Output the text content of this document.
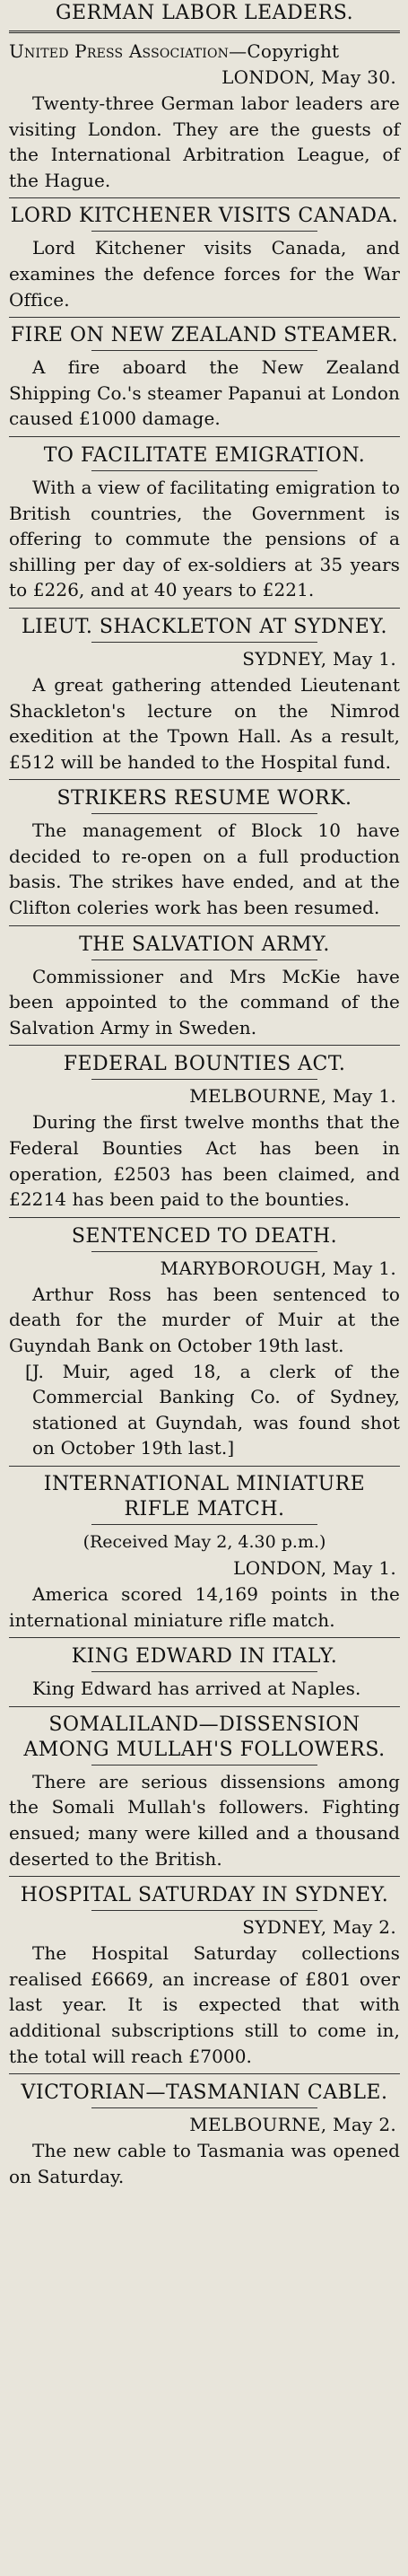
GERMAN LABOR LEADERS.

United Press Association—Copyright

LONDON, May 30.

Twenty-three German labor leaders are visiting London. They are the guests of the International Arbitration League, of the Hague.

LORD KITCHENER VISITS CANADA.

Lord Kitchener visits Canada, and examines the defence forces for the War Office.

FIRE ON NEW ZEALAND STEAMER.

A fire aboard the New Zealand Shipping Co.'s steamer Papanui at London caused £1000 damage.

TO FACILITATE EMIGRATION.

With a view of facilitating emigration to British countries, the Government is offering to commute the pensions of a shilling per day of ex-soldiers at 35 years to £226, and at 40 years to £221.

LIEUT. SHACKLETON AT SYDNEY.

SYDNEY, May 1.

A great gathering attended Lieutenant Shackleton's lecture on the Nimrod exedition at the Tpown Hall. As a result, £512 will be handed to the Hospital fund.

STRIKERS RESUME WORK.

The management of Block 10 have decided to re-open on a full production basis. The strikes have ended, and at the Clifton coleries work has been resumed.

THE SALVATION ARMY.

Commissioner and Mrs McKie have been appointed to the command of the Salvation Army in Sweden.

FEDERAL BOUNTIES ACT.

MELBOURNE, May 1.

During the first twelve months that the Federal Bounties Act has been in operation, £2503 has been claimed, and £2214 has been paid to the bounties.

SENTENCED TO DEATH.

MARYBOROUGH, May 1.

Arthur Ross has been sentenced to death for the murder of Muir at the Guyndah Bank on October 19th last.

[J. Muir, aged 18, a clerk of the Commercial Banking Co. of Sydney, stationed at Guyndah, was found shot on October 19th last.]

INTERNATIONAL MINIATURE RIFLE MATCH.

(Received May 2, 4.30 p.m.)

LONDON, May 1.

America scored 14,169 points in the international miniature rifle match.

KING EDWARD IN ITALY.

King Edward has arrived at Naples.

SOMALILAND—DISSENSION AMONG MULLAH'S FOLLOWERS.

There are serious dissensions among the Somali Mullah's followers. Fighting ensued; many were killed and a thousand deserted to the British.

HOSPITAL SATURDAY IN SYDNEY.

SYDNEY, May 2.

The Hospital Saturday collections realised £6669, an increase of £801 over last year. It is expected that with additional subscriptions still to come in, the total will reach £7000.

VICTORIAN—TASMANIAN CABLE.

MELBOURNE, May 2.

The new cable to Tasmania was opened on Saturday.
